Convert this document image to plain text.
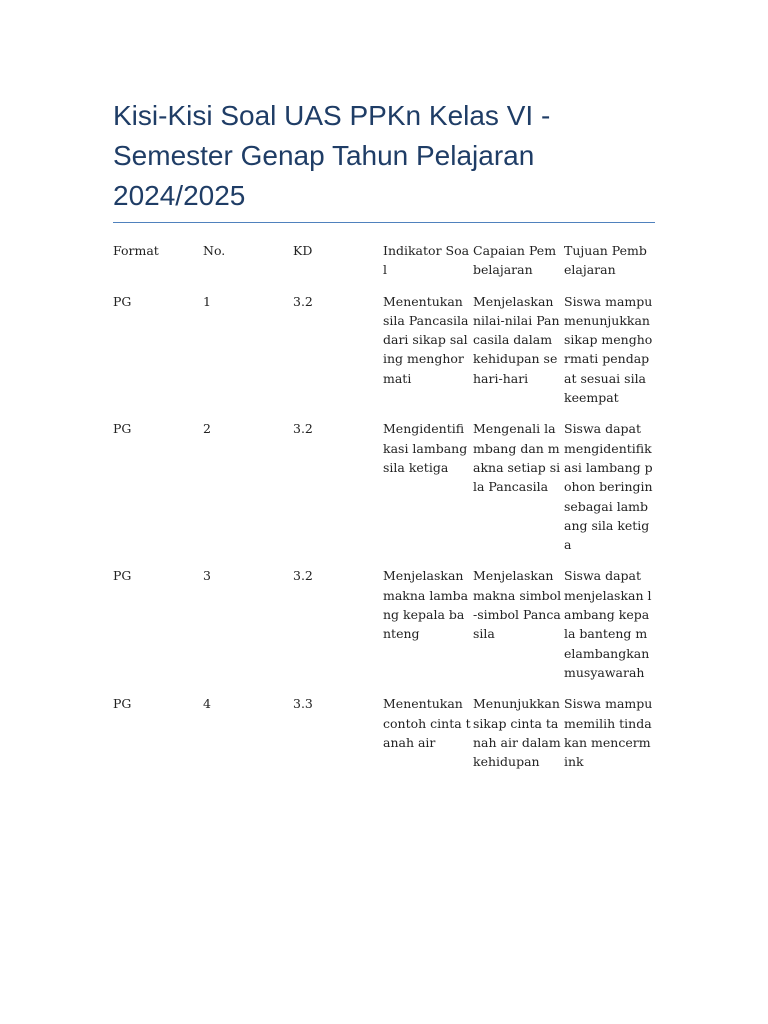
Kisi-Kisi Soal UAS PPKn Kelas VI - Semester Genap Tahun Pelajaran 2024/2025
Format	No.	KD	Indikator Soal	Capaian Pembelajaran	Tujuan Pembelajaran
PG	1	3.2	Menentukan sila Pancasila dari sikap saling menghormati	Menjelaskan nilai-nilai Pancasila dalam kehidupan sehari-hari	Siswa mampu menunjukkan sikap menghormati pendapat sesuai sila keempat
PG	2	3.2	Mengidentifikasi lambang sila ketiga	Mengenali lambang dan makna setiap sila Pancasila	Siswa dapat mengidentifikasi lambang pohon beringin sebagai lambang sila ketiga
PG	3	3.2	Menjelaskan makna lambang kepala banteng	Menjelaskan makna simbol-simbol Pancasila	Siswa dapat menjelaskan lambang kepala banteng melambangkan musyawarah
PG	4	3.3	Menentukan contoh cinta tanah air	Menunjukkan sikap cinta tanah air dalam kehidupan	Siswa mampu memilih tindakan mencermink
